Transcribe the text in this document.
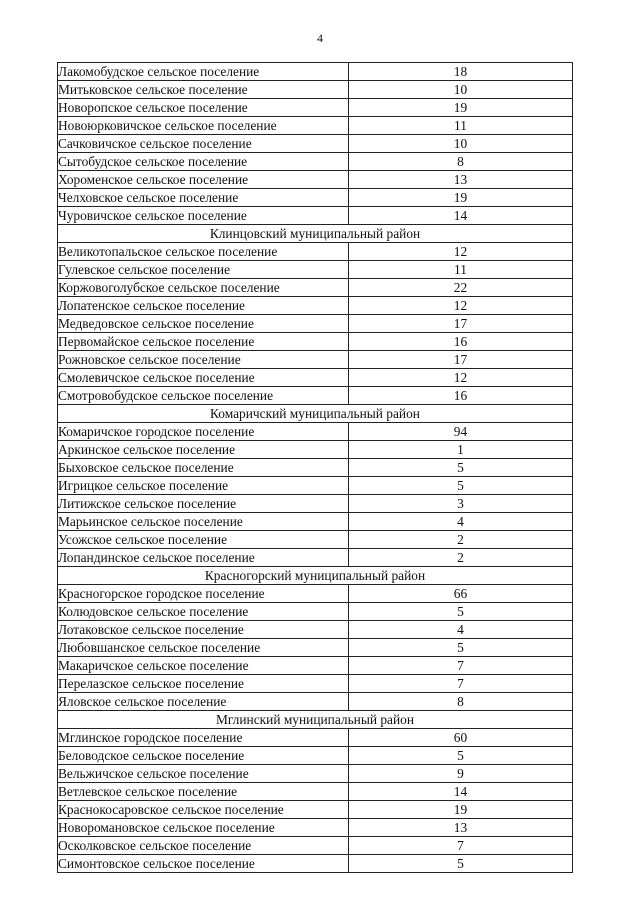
4
Лакомобудское сельское поселение	18
Митьковское сельское поселение	10
Новоропское сельское поселение	19
Новоюрковичское сельское поселение	11
Сачковичское сельское поселение	10
Сытобудское сельское поселение	8
Хороменское сельское поселение	13
Челховское сельское поселение	19
Чуровичское сельское поселение	14
Клинцовский муниципальный район	
Великотопальское сельское поселение	12
Гулевское сельское поселение	11
Коржовоголубское сельское поселение	22
Лопатенское сельское поселение	12
Медведовское сельское поселение	17
Первомайское сельское поселение	16
Рожновское сельское поселение	17
Смолевичское сельское поселение	12
Смотровобудское сельское поселение	16
Комаричский муниципальный район	
Комаричское городское поселение	94
Аркинское сельское поселение	1
Быховское сельское поселение	5
Игрицкое сельское поселение	5
Литижское сельское поселение	3
Марьинское сельское поселение	4
Усожское сельское поселение	2
Лопандинское сельское поселение	2
Красногорский муниципальный район	
Красногорское городское поселение	66
Колюдовское сельское поселение	5
Лотаковское сельское поселение	4
Любовшанское сельское поселение	5
Макаричское сельское поселение	7
Перелазское сельское поселение	7
Яловское сельское поселение	8
Мглинский муниципальный район	
Мглинское городское поселение	60
Беловодское сельское поселение	5
Вельжичское сельское поселение	9
Ветлевское сельское поселение	14
Краснокосаровское сельское поселение	19
Новоромановское сельское поселение	13
Осколковское сельское поселение	7
Симонтовское сельское поселение	5
